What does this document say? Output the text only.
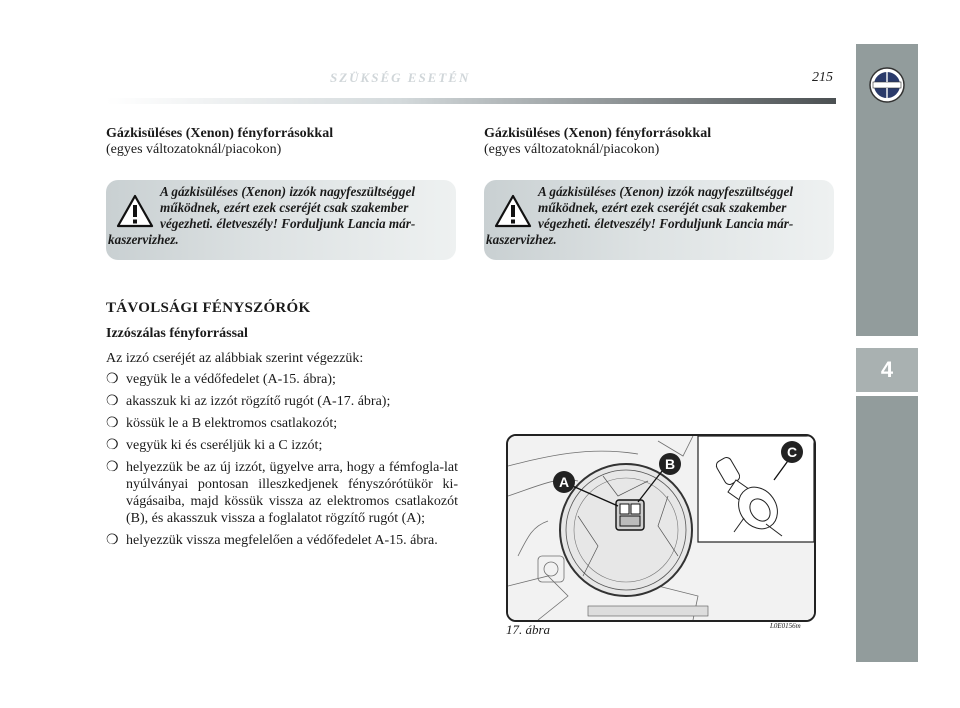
SZÜKSÉG ESETÉN	215
4

Gázkisüléses (Xenon) fényforrásokkal

(egyes változatoknál/piacokon)

A gázkisüléses (Xenon) izzók nagyfeszültséggel
működnek, ezért ezek cseréjét csak szakember
végezheti. életveszély! Forduljunk Lancia már-
kaszervizhez.
TÁVOLSÁGI FÉNYSZÓRÓK
Izzószálas fényforrással

Az izzó cseréjét az alábbiak szerint végezzük:

❍ vegyük le a védőfedelet (A-15. ábra);
❍ akasszuk ki az izzót rögzítő rugót (A-17. ábra);
❍ kössük le a B elektromos csatlakozót;
❍ vegyük ki és cseréljük ki a C izzót;
❍ helyezzük be az új izzót, ügyelve arra, hogy a fémfogla-lat nyúlványai pontosan illeszkedjenek fényszórótükör ki-vágásaiba, majd kössük vissza az elektromos csatlakozót (B), és akasszuk vissza a foglalatot rögzítő rugót (A);
❍ helyezzük vissza megfelelően a védőfedelet A-15. ábra.

Gázkisüléses (Xenon) fényforrásokkal

(egyes változatoknál/piacokon)

A gázkisüléses (Xenon) izzók nagyfeszültséggel
működnek, ezért ezek cseréjét csak szakember
végezheti. életveszély! Forduljunk Lancia már-
kaszervizhez.
A
B
C
17. ábra	L0E0156m
